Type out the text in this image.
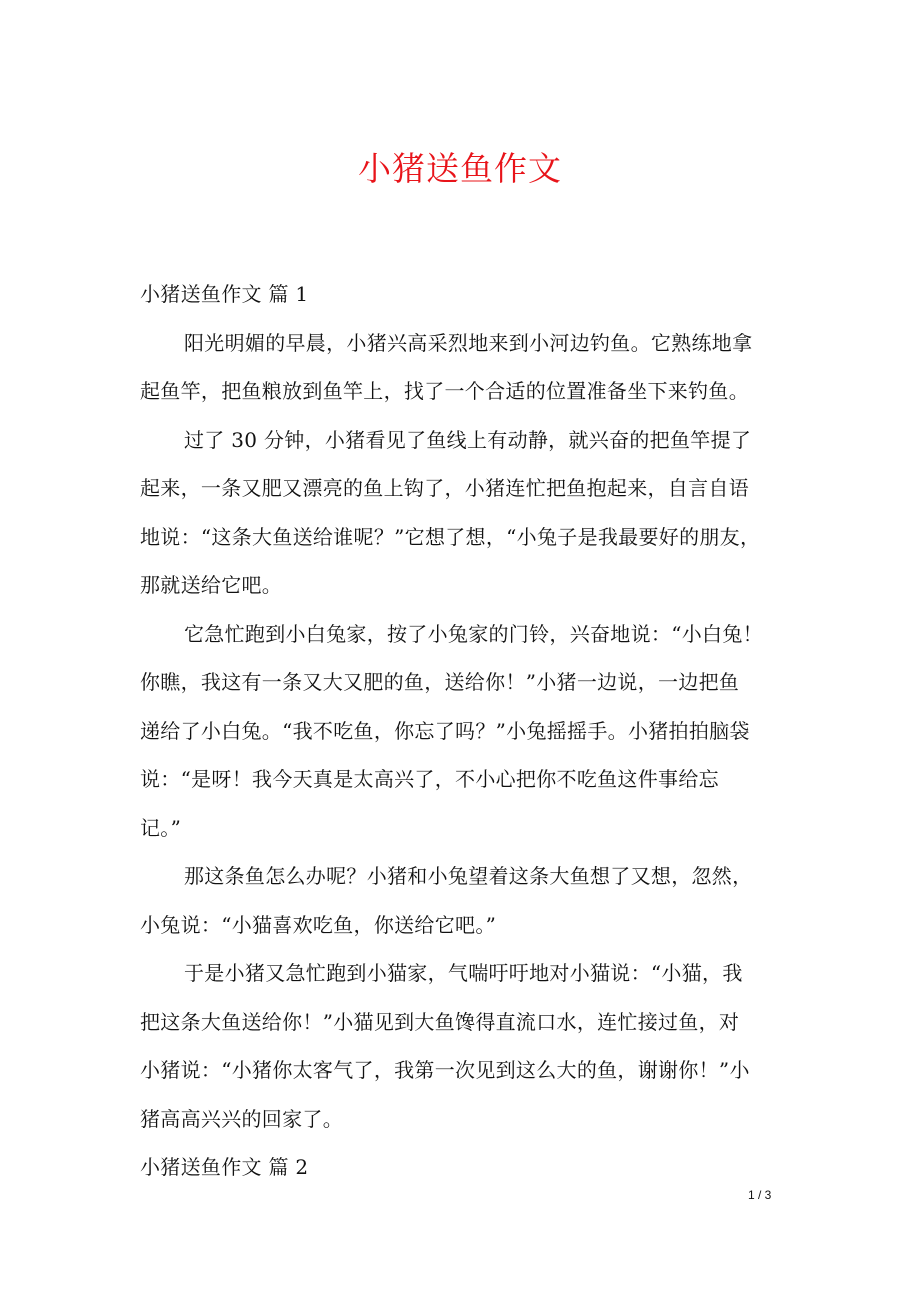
小猪送鱼作文
小猪送鱼作文 篇 1
阳光明媚的早晨，小猪兴高采烈地来到小河边钓鱼。它熟练地拿
起鱼竿，把鱼粮放到鱼竿上，找了一个合适的位置准备坐下来钓鱼。
过了 30 分钟，小猪看见了鱼线上有动静，就兴奋的把鱼竿提了
起来，一条又肥又漂亮的鱼上钩了，小猪连忙把鱼抱起来，自言自语
地说：“这条大鱼送给谁呢？”它想了想，“小兔子是我最要好的朋友，
那就送给它吧。
它急忙跑到小白兔家，按了小兔家的门铃，兴奋地说：“小白兔！
你瞧，我这有一条又大又肥的鱼，送给你！”小猪一边说，一边把鱼
递给了小白兔。“我不吃鱼，你忘了吗？”小兔摇摇手。小猪拍拍脑袋
说：“是呀！我今天真是太高兴了，不小心把你不吃鱼这件事给忘
记。”
那这条鱼怎么办呢？小猪和小兔望着这条大鱼想了又想，忽然，
小兔说：“小猫喜欢吃鱼，你送给它吧。”
于是小猪又急忙跑到小猫家，气喘吁吁地对小猫说：“小猫，我
把这条大鱼送给你！”小猫见到大鱼馋得直流口水，连忙接过鱼，对
小猪说：“小猪你太客气了，我第一次见到这么大的鱼，谢谢你！”小
猪高高兴兴的回家了。
小猪送鱼作文 篇 2
1 / 3
